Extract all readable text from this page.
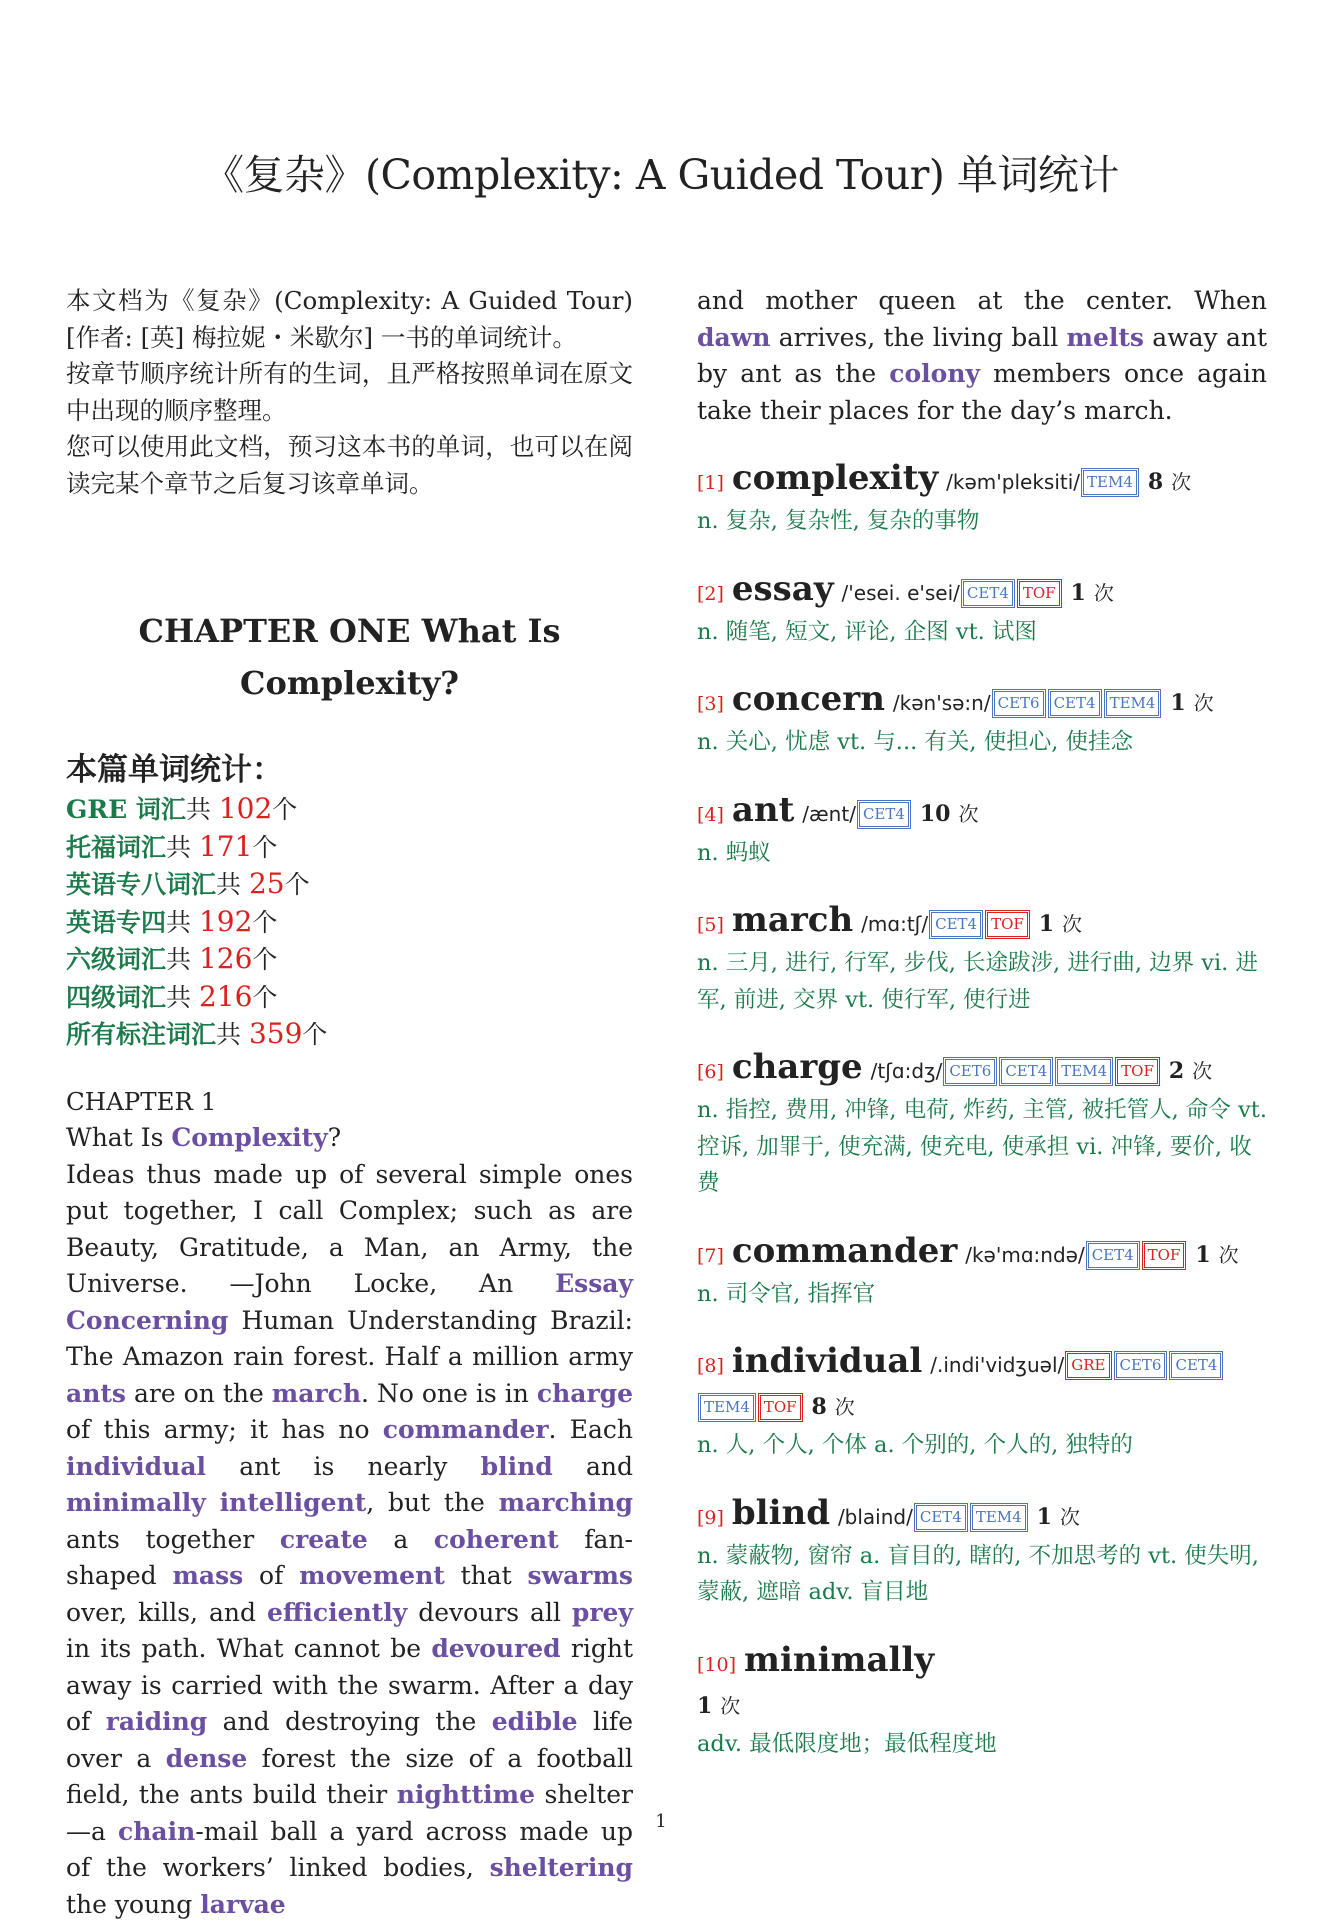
《复杂》(Complexity: A Guided Tour) 单词统计

本文档为《复杂》(Complexity: A Guided Tour)[作者: [英] 梅拉妮・米歇尔] 一书的单词统计。
按章节顺序统计所有的生词，且严格按照单词在原文中出现的顺序整理。
您可以使用此文档，预习这本书的单词，也可以在阅读完某个章节之后复习该章单词。

CHAPTER ONE What Is
Complexity?
本篇单词统计：
GRE 词汇共 102个
托福词汇共 171个
英语专八词汇共 25个
英语专四共 192个
六级词汇共 126个
四级词汇共 216个
所有标注词汇共 359个
CHAPTER 1
What Is Complexity?

Ideas thus made up of several simple ones put together, I call Complex; such as are Beauty, Gratitude, a Man, an Army, the Universe. —John Locke, An Essay Concerning Human Understanding Brazil: The Amazon rain forest. Half a million army ants are on the march. No one is in charge of this army; it has no commander. Each individual ant is nearly blind and minimally intelligent, but the marching ants together create a coherent fan-shaped mass of movement that swarms over, kills, and efficiently devours all prey in its path. What cannot be devoured right away is carried with the swarm. After a day of raiding and destroying the edible life over a dense forest the size of a football field, the ants build their nighttime shelter—a chain-mail ball a yard across made up of the workers’ linked bodies, sheltering the young larvae

and mother queen at the center. When dawn arrives, the living ball melts away ant by ant as the colony members once again take their places for the day’s march.

[1] complexity /kəm'pleksiti/ TEM4 8 次
n. 复杂, 复杂性, 复杂的事物
[2] essay /'esei. e'sei/ CET4 TOF 1 次
n. 随笔, 短文, 评论, 企图 vt. 试图
[3] concern /kən'sə:n/ CET6 CET4 TEM4 1 次
n. 关心, 忧虑 vt. 与... 有关, 使担心, 使挂念
[4] ant /ænt/ CET4 10 次
n. 蚂蚁
[5] march /mɑ:tʃ/ CET4 TOF 1 次
n. 三月, 进行, 行军, 步伐, 长途跋涉, 进行曲, 边界 vi. 进军, 前进, 交界 vt. 使行军, 使行进
[6] charge /tʃɑ:dʒ/ CET6 CET4 TEM4 TOF 2 次
n. 指控, 费用, 冲锋, 电荷, 炸药, 主管, 被托管人, 命令 vt. 控诉, 加罪于, 使充满, 使充电, 使承担 vi. 冲锋, 要价, 收费
[7] commander /kə'mɑ:ndə/ CET4 TOF 1 次
n. 司令官, 指挥官
[8] individual /.indi'vidʒuəl/ GRE CET6 CET4TEM4 TOF 8 次
n. 人, 个人, 个体 a. 个别的, 个人的, 独特的
[9] blind /blaind/ CET4 TEM4 1 次
n. 蒙蔽物, 窗帘 a. 盲目的, 瞎的, 不加思考的 vt. 使失明, 蒙蔽, 遮暗 adv. 盲目地
[10] minimally
1 次
adv. 最低限度地；最低程度地
1
